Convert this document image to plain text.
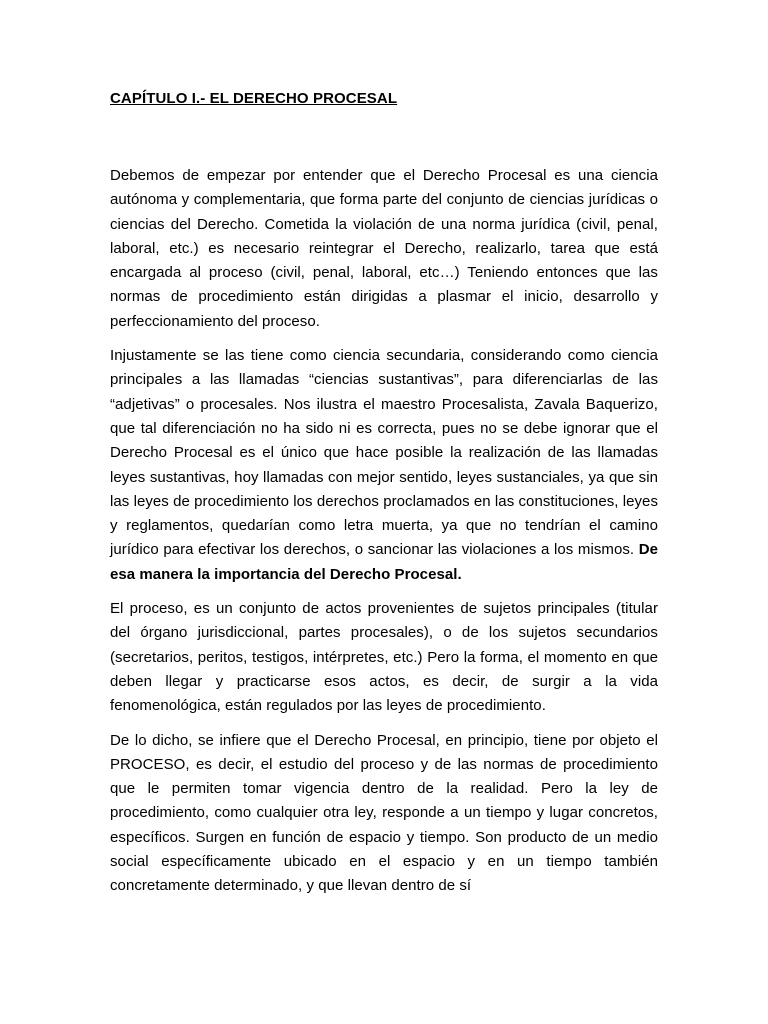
CAPÍTULO I.- EL DERECHO PROCESAL

Debemos de empezar por entender que el Derecho Procesal es una ciencia autónoma y complementaria, que forma parte del conjunto de ciencias jurídicas o ciencias del Derecho. Cometida la violación de una norma jurídica (civil, penal, laboral, etc.) es necesario reintegrar el Derecho, realizarlo, tarea que está encargada al proceso (civil, penal, laboral, etc…) Teniendo entonces que las normas de procedimiento están dirigidas a plasmar el inicio, desarrollo y perfeccionamiento del proceso.

Injustamente se las tiene como ciencia secundaria, considerando como ciencia principales a las llamadas “ciencias sustantivas”, para diferenciarlas de las “adjetivas” o procesales. Nos ilustra el maestro Procesalista, Zavala Baquerizo, que tal diferenciación no ha sido ni es correcta, pues no se debe ignorar que el Derecho Procesal es el único que hace posible la realización de las llamadas leyes sustantivas, hoy llamadas con mejor sentido, leyes sustanciales, ya que sin las leyes de procedimiento los derechos proclamados en las constituciones, leyes y reglamentos, quedarían como letra muerta, ya que no tendrían el camino jurídico para efectivar los derechos, o sancionar las violaciones a los mismos. De esa manera la importancia del Derecho Procesal.

El proceso, es un conjunto de actos provenientes de sujetos principales (titular del órgano jurisdiccional, partes procesales), o de los sujetos secundarios (secretarios, peritos, testigos, intérpretes, etc.) Pero la forma, el momento en que deben llegar y practicarse esos actos, es decir, de surgir a la vida fenomenológica, están regulados por las leyes de procedimiento.

De lo dicho, se infiere que el Derecho Procesal, en principio, tiene por objeto el PROCESO, es decir, el estudio del proceso y de las normas de procedimiento que le permiten tomar vigencia dentro de la realidad. Pero la ley de procedimiento, como cualquier otra ley, responde a un tiempo y lugar concretos, específicos. Surgen en función de espacio y tiempo. Son producto de un medio social específicamente ubicado en el espacio y en un tiempo también concretamente determinado, y que llevan dentro de sí
